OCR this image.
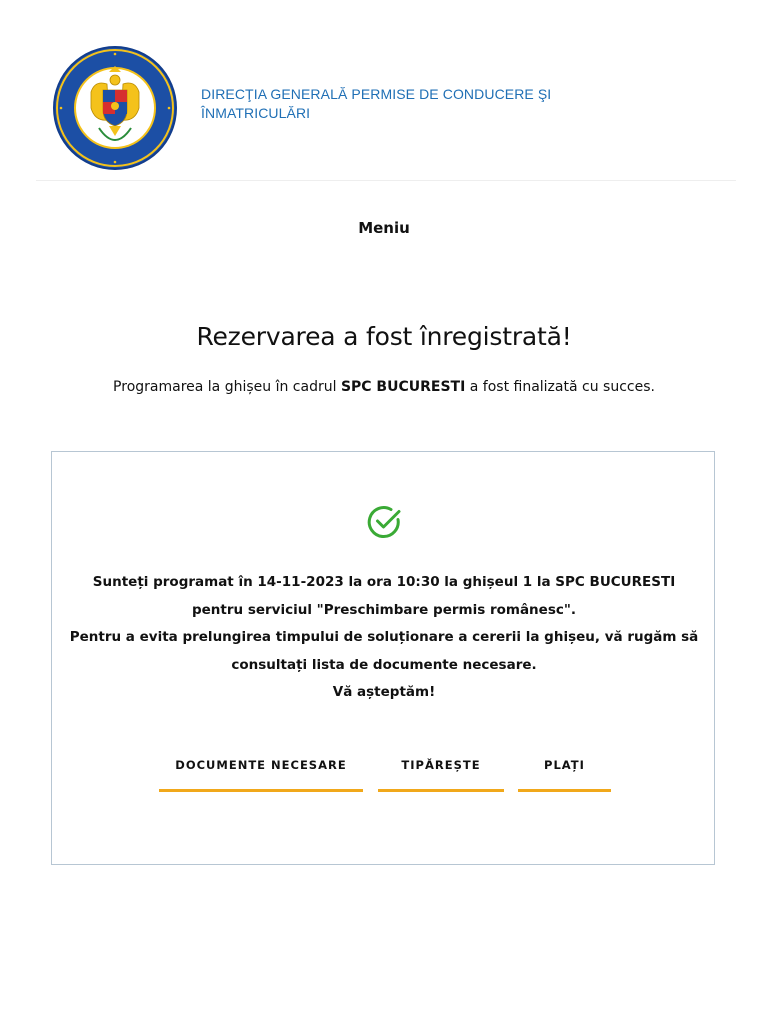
DIRECŢIA GENERALĂ PERMISE DE CONDUCERE ŞI ÎNMATRICULĂRI
Meniu
Rezervarea a fost înregistrată!
Programarea la ghișeu în cadrul SPC BUCURESTI a fost finalizată cu succes.
Sunteți programat în 14-11-2023 la ora 10:30 la ghișeul 1 la SPC BUCURESTI
pentru serviciul "Preschimbare permis românesc".
Pentru a evita prelungirea timpului de soluționare a cererii la ghișeu, vă rugăm să
consultați lista de documente necesare.
Vă așteptăm!
DOCUMENTE NECESARE	TIPĂREȘTE	PLAȚI
